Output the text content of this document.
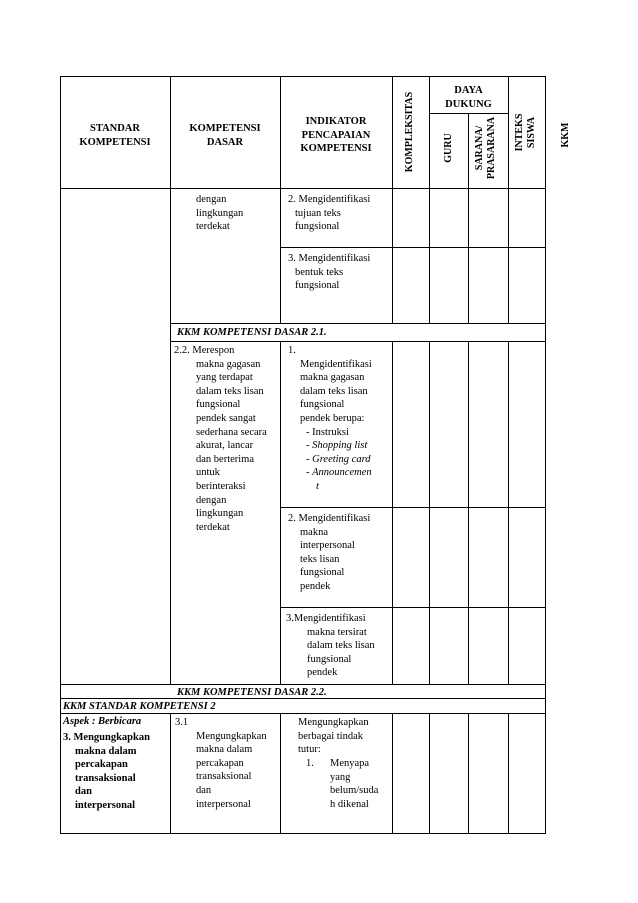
STANDAR
KOMPETENSI
KOMPETENSI
DASAR
INDIKATOR
PENCAPAIAN
KOMPETENSI	KOMPLEKSITAS
DAYA
DUKUNG
GURU SARANA/ PRASARANA INTEKS SISWA KKM
dengan
lingkungan
terdekat
2. Mengidentifikasi
tujuan teks
fungsional
3. Mengidentifikasi
bentuk teks
fungsional
KKM KOMPETENSI DASAR 2.1.
2.2. Merespon
makna gagasan
yang terdapat
dalam teks lisan
fungsional
pendek sangat
sederhana secara
akurat, lancar
dan berterima
untuk
berinteraksi
dengan
lingkungan
terdekat
1.
Mengidentifikasi
makna gagasan
dalam teks lisan
fungsional
pendek berupa:
- Instruksi
- Shopping list
- Greeting card
- Announcemen
t
2. Mengidentifikasi
makna
interpersonal
teks lisan
fungsional
pendek
3.Mengidentifikasi
makna tersirat
dalam teks lisan
fungsional
pendek
KKM KOMPETENSI DASAR 2.2.
KKM STANDAR KOMPETENSI 2
Aspek : Berbicara
3. Mengungkapkan
makna dalam
percakapan
transaksional
dan
interpersonal
3.1
Mengungkapkan
makna dalam
percakapan
transaksional
dan
interpersonal
Mengungkapkan
berbagai tindak
tutur:
1. Menyapa
yang
belum/suda
h dikenal
